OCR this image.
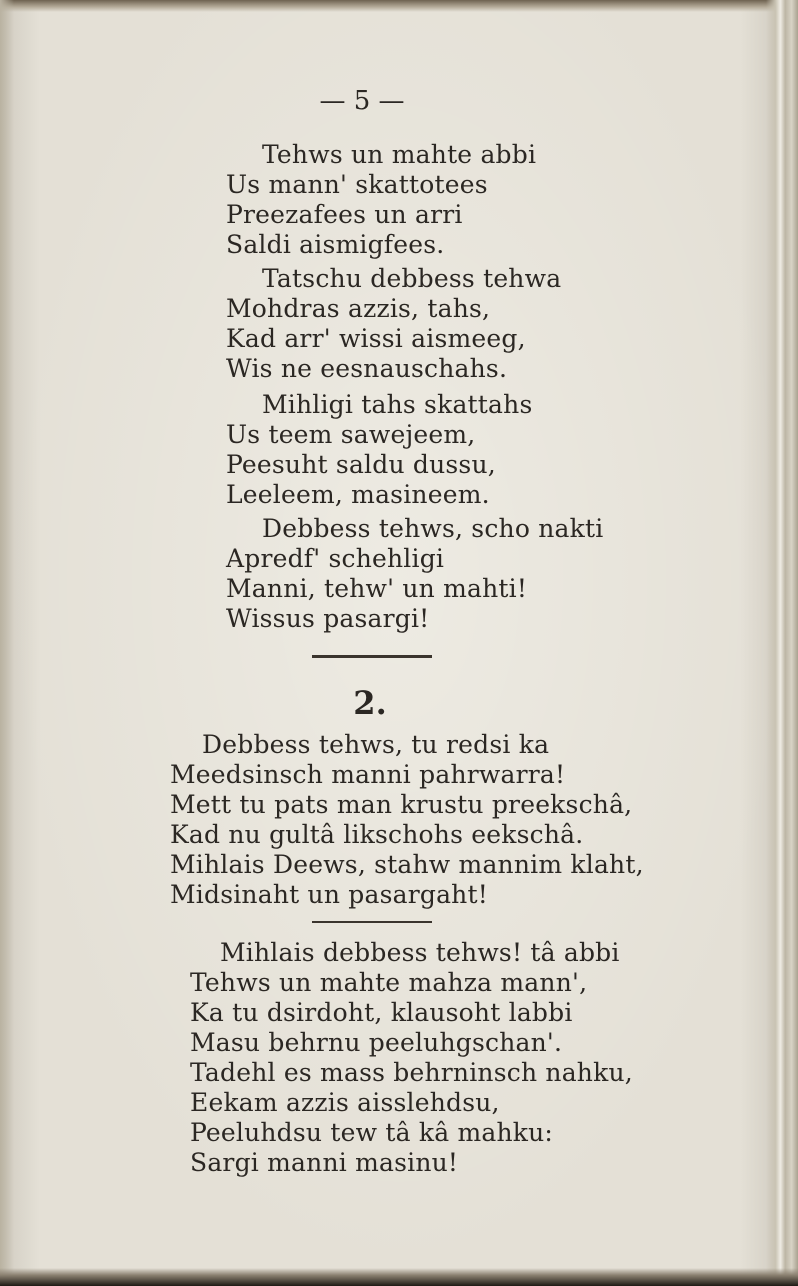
— 5 —
Tehws un mahte abbi
Us mann' skattotees
Preezafees un arri
Saldi aismigfees.
Tatschu debbess tehwa
Mohdras azzis, tahs,
Kad arr' wissi aismeeg,
Wis ne eesnauschahs.
Mihligi tahs skattahs
Us teem sawejeem,
Peesuht saldu dussu,
Leeleem, masineem.
Debbess tehws, scho nakti
Apredf' schehligi
Manni, tehw' un mahti!
Wissus pasargi!
2.
Debbess tehws, tu redsi ka
Meedsinsch manni pahrwarra!
Mett tu pats man krustu preekschâ,
Kad nu gultâ likschohs eekschâ.
Mihlais Deews, stahw mannim klaht,
Midsinaht un pasargaht!
Mihlais debbess tehws! tâ abbi
Tehws un mahte mahza mann',
Ka tu dsirdoht, klausoht labbi
Masu behrnu peeluhgschan'.
Tadehl es mass behrninsch nahku,
Eekam azzis aisslehdsu,
Peeluhdsu tew tâ kâ mahku:
Sargi manni masinu!
